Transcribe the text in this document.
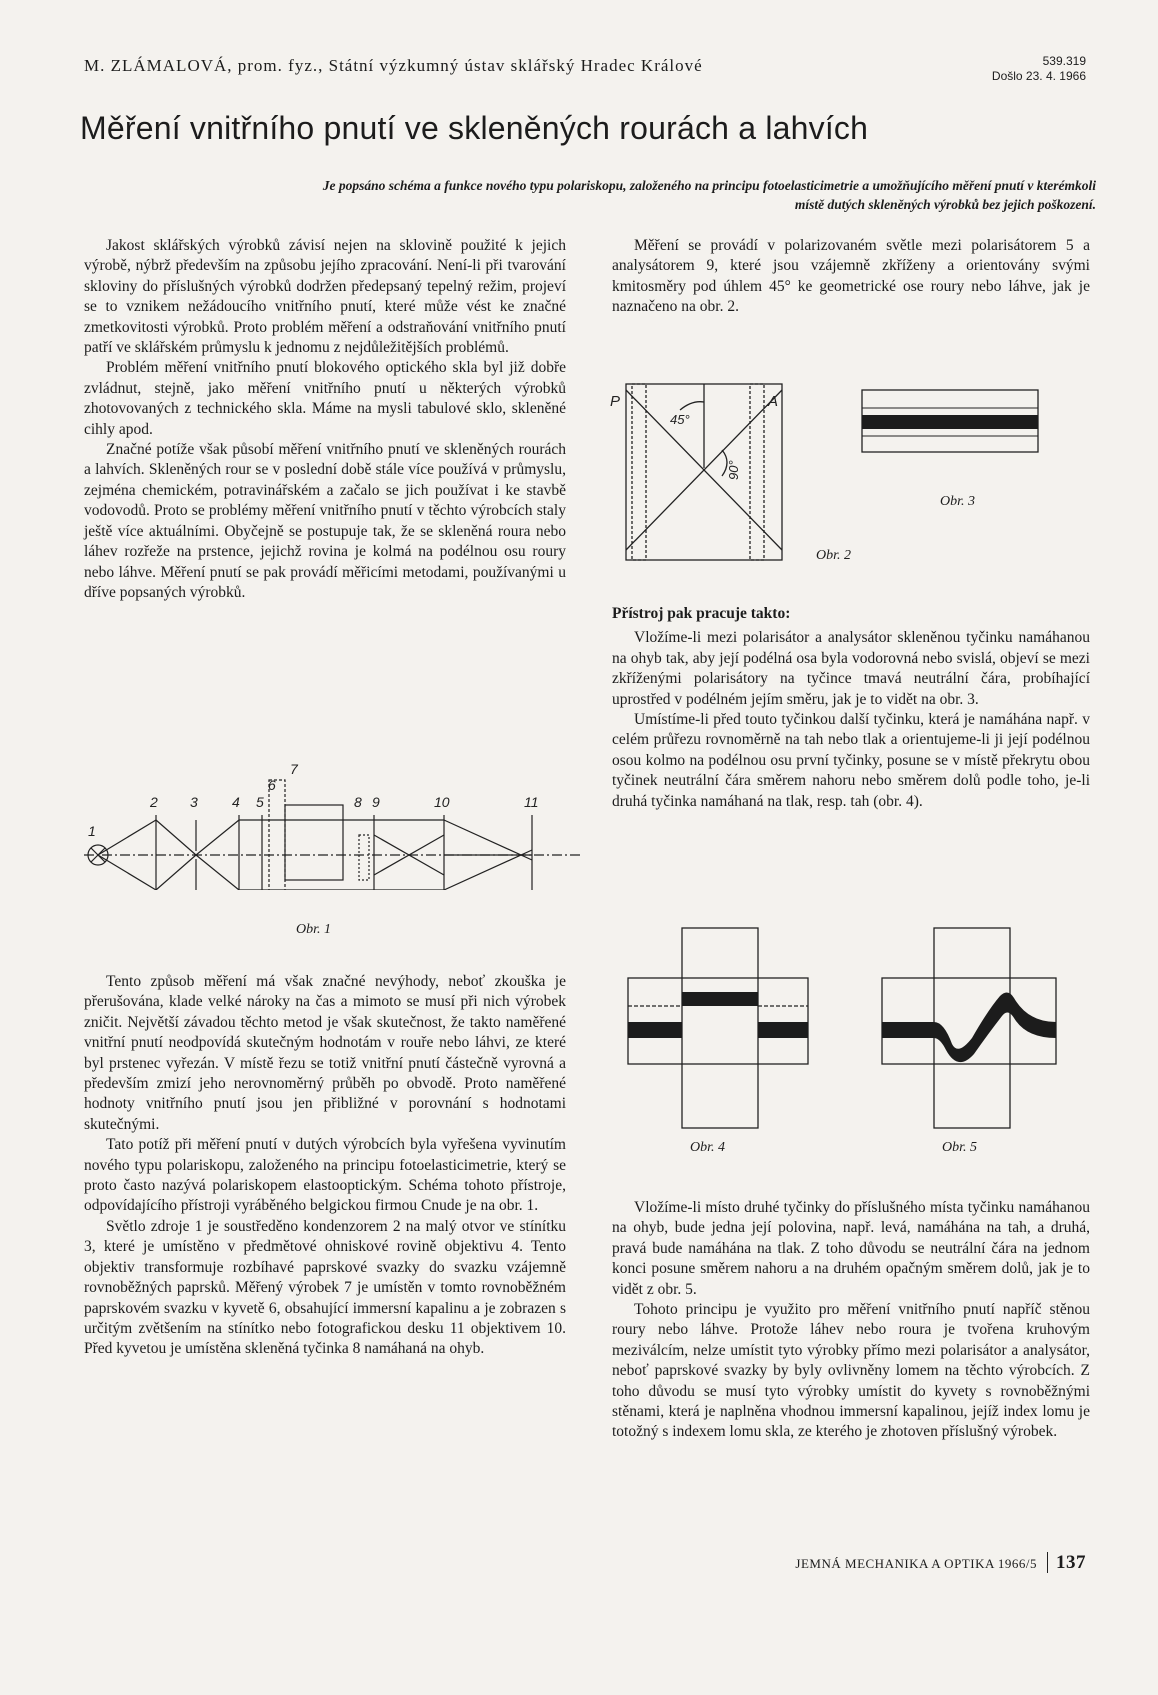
M. ZLÁMALOVÁ, prom. fyz., Státní výzkumný ústav sklářský Hradec Králové	539.319
Došlo 23. 4. 1966
Měření vnitřního pnutí ve skleněných rourách a lahvích
Je popsáno schéma a funkce nového typu polariskopu, založeného na principu fotoelasticimetrie a umožňujícího měření pnutí v kterémkoli místě dutých skleněných výrobků bez jejich poškození.

Jakost sklářských výrobků závisí nejen na sklovině použité k jejich výrobě, nýbrž především na způsobu jejího zpracování. Není-li při tvarování skloviny do příslušných výrobků dodržen předepsaný tepelný režim, projeví se to vznikem nežádoucího vnitřního pnutí, které může vést ke značné zmetkovitosti výrobků. Proto problém měření a odstraňování vnitřního pnutí patří ve sklářském průmyslu k jednomu z nejdůležitějších problémů.

Problém měření vnitřního pnutí blokového optického skla byl již dobře zvládnut, stejně, jako měření vnitřního pnutí u některých výrobků zhotovovaných z technického skla. Máme na mysli tabulové sklo, skleněné cihly apod.

Značné potíže však působí měření vnitřního pnutí ve skleněných rourách a lahvích. Skleněných rour se v poslední době stále více používá v průmyslu, zejména chemickém, potravinářském a začalo se jich používat i ke stavbě vodovodů. Proto se problémy měření vnitřního pnutí v těchto výrobcích staly ještě více aktuálními. Obyčejně se postupuje tak, že se skleněná roura nebo láhev rozřeže na prstence, jejichž rovina je kolmá na podélnou osu roury nebo láhve. Měření pnutí se pak provádí měřicími metodami, používanými u dříve popsaných výrobků.

1
2 3 4 5
6
7
8 9	10	11
Obr. 1

Tento způsob měření má však značné nevýhody, neboť zkouška je přerušována, klade velké nároky na čas a mimoto se musí při nich výrobek zničit. Největší závadou těchto metod je však skutečnost, že takto naměřené vnitřní pnutí neodpovídá skutečným hodnotám v rouře nebo láhvi, ze které byl prstenec vyřezán. V místě řezu se totiž vnitřní pnutí částečně vyrovná a především zmizí jeho nerovnoměrný průběh po obvodě. Proto naměřené hodnoty vnitřního pnutí jsou jen přibližné v porovnání s hodnotami skutečnými.

Tato potíž při měření pnutí v dutých výrobcích byla vyřešena vyvinutím nového typu polariskopu, založeného na principu fotoelasticimetrie, který se proto často nazývá polariskopem elastooptickým. Schéma tohoto přístroje, odpovídajícího přístroji vyráběného belgickou firmou Cnude je na obr. 1.

Světlo zdroje 1 je soustředěno kondenzorem 2 na malý otvor ve stínítku 3, které je umístěno v předmětové ohniskové rovině objektivu 4. Tento objektiv transformuje rozbíhavé paprskové svazky do svazku vzájemně rovnoběžných paprsků. Měřený výrobek 7 je umístěn v tomto rovnoběžném paprskovém svazku v kyvetě 6, obsahující immersní kapalinu a je zobrazen s určitým zvětšením na stínítko nebo fotografickou desku 11 objektivem 10. Před kyvetou je umístěna skleněná tyčinka 8 namáhaná na ohyb.

Měření se provádí v polarizovaném světle mezi polarisátorem 5 a analysátorem 9, které jsou vzájemně zkříženy a orientovány svými kmitosměry pod úhlem 45° ke geometrické ose roury nebo láhve, jak je naznačeno na obr. 2.

P	A
45°
90°
Obr. 2
Obr. 3

Přístroj pak pracuje takto:

Vložíme-li mezi polarisátor a analysátor skleněnou tyčinku namáhanou na ohyb tak, aby její podélná osa byla vodorovná nebo svislá, objeví se mezi zkříženými polarisátory na tyčince tmavá neutrální čára, probíhající uprostřed v podélném jejím směru, jak je to vidět na obr. 3.

Umístíme-li před touto tyčinkou další tyčinku, která je namáhána např. v celém průřezu rovnoměrně na tah nebo tlak a orientujeme-li ji její podélnou osou kolmo na podélnou osu první tyčinky, posune se v místě překrytu obou tyčinek neutrální čára směrem nahoru nebo směrem dolů podle toho, je-li druhá tyčinka namáhaná na tlak, resp. tah (obr. 4).

Obr. 4	Obr. 5

Vložíme-li místo druhé tyčinky do příslušného místa tyčinku namáhanou na ohyb, bude jedna její polovina, např. levá, namáhána na tah, a druhá, pravá bude namáhána na tlak. Z toho důvodu se neutrální čára na jednom konci posune směrem nahoru a na druhém opačným směrem dolů, jak je to vidět z obr. 5.

Tohoto principu je využito pro měření vnitřního pnutí napříč stěnou roury nebo láhve. Protože láhev nebo roura je tvořena kruhovým meziválcím, nelze umístit tyto výrobky přímo mezi polarisátor a analysátor, neboť paprskové svazky by byly ovlivněny lomem na těchto výrobcích. Z toho důvodu se musí tyto výrobky umístit do kyvety s rovnoběžnými stěnami, která je naplněna vhodnou immersní kapalinou, jejíž index lomu je totožný s indexem lomu skla, ze kterého je zhotoven příslušný výrobek.

JEMNÁ MECHANIKA A OPTIKA 1966/5 137
